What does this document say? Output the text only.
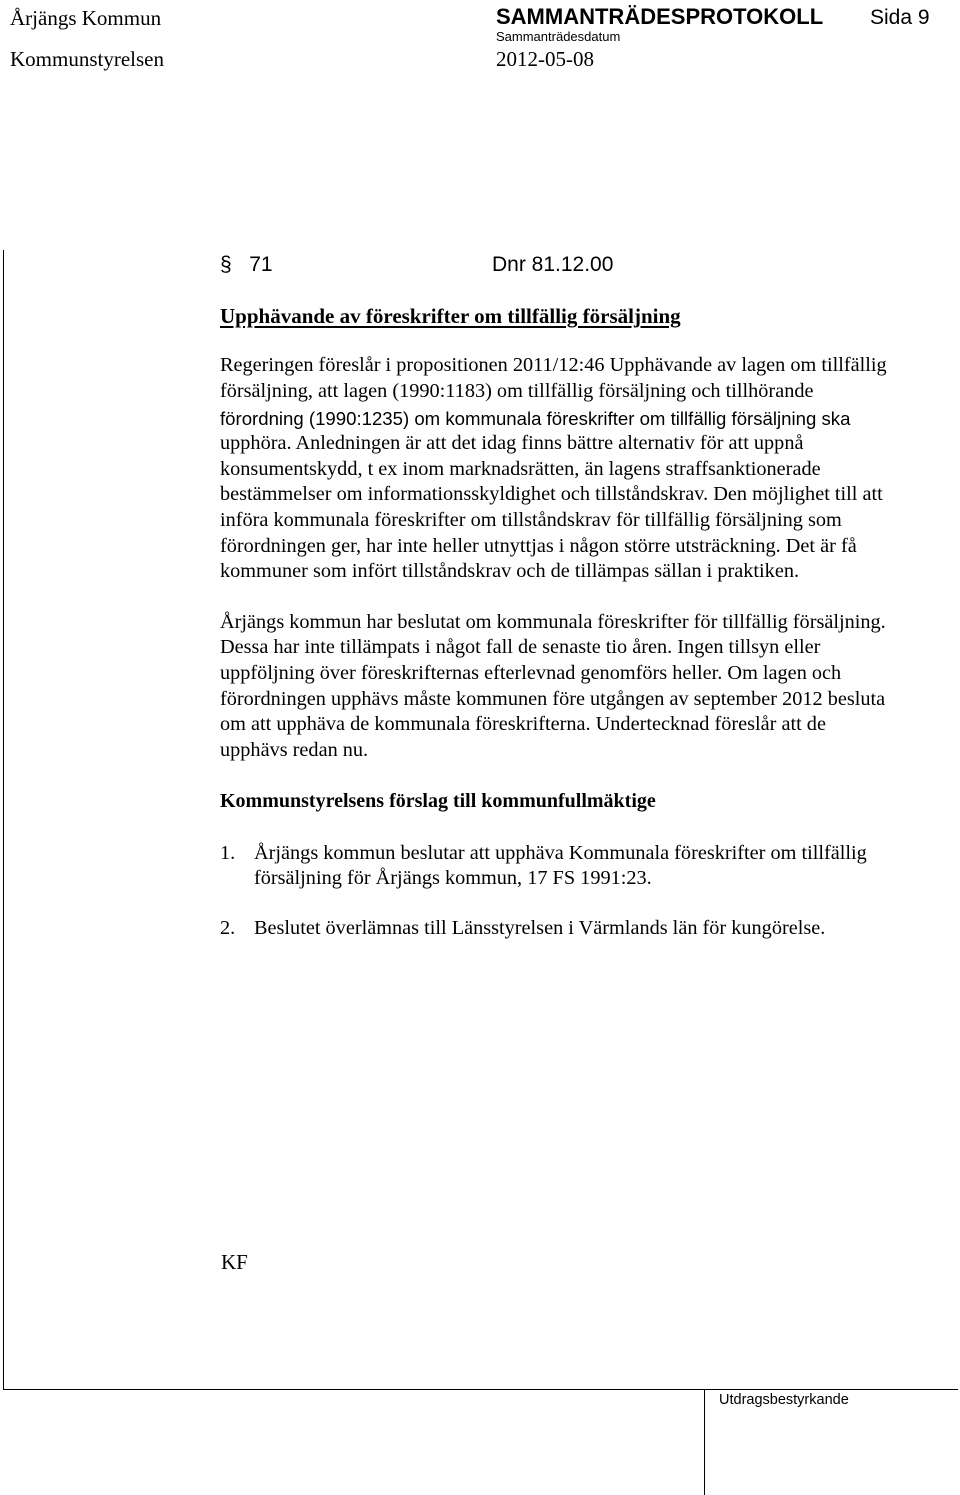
Årjängs Kommun	SAMMANTRÄDESPROTOKOLL Sida 9
Kommunstyrelsen
Sammanträdesdatum
2012-05-08
§ 71	Dnr 81.12.00
Upphävande av föreskrifter om tillfällig försäljning
Regeringen föreslår i propositionen 2011/12:46 Upphävande av lagen om tillfällig
försäljning, att lagen (1990:1183) om tillfällig försäljning och tillhörande
förordning (1990:1235) om kommunala föreskrifter om tillfällig försäljning ska
upphöra. Anledningen är att det idag finns bättre alternativ för att uppnå
konsumentskydd, t ex inom marknadsrätten, än lagens straffsanktionerade
bestämmelser om informationsskyldighet och tillståndskrav. Den möjlighet till att
införa kommunala föreskrifter om tillståndskrav för tillfällig försäljning som
förordningen ger, har inte heller utnyttjas i någon större utsträckning. Det är få
kommuner som infört tillståndskrav och de tillämpas sällan i praktiken.
Årjängs kommun har beslutat om kommunala föreskrifter för tillfällig försäljning.
Dessa har inte tillämpats i något fall de senaste tio åren. Ingen tillsyn eller
uppföljning över föreskrifternas efterlevnad genomförs heller. Om lagen och
förordningen upphävs måste kommunen före utgången av september 2012 besluta
om att upphäva de kommunala föreskrifterna. Undertecknad föreslår att de
upphävs redan nu.
Kommunstyrelsens förslag till kommunfullmäktige
1. Årjängs kommun beslutar att upphäva Kommunala föreskrifter om tillfällig
försäljning för Årjängs kommun, 17 FS 1991:23.
2. Beslutet överlämnas till Länsstyrelsen i Värmlands län för kungörelse.
KF
Utdragsbestyrkande
